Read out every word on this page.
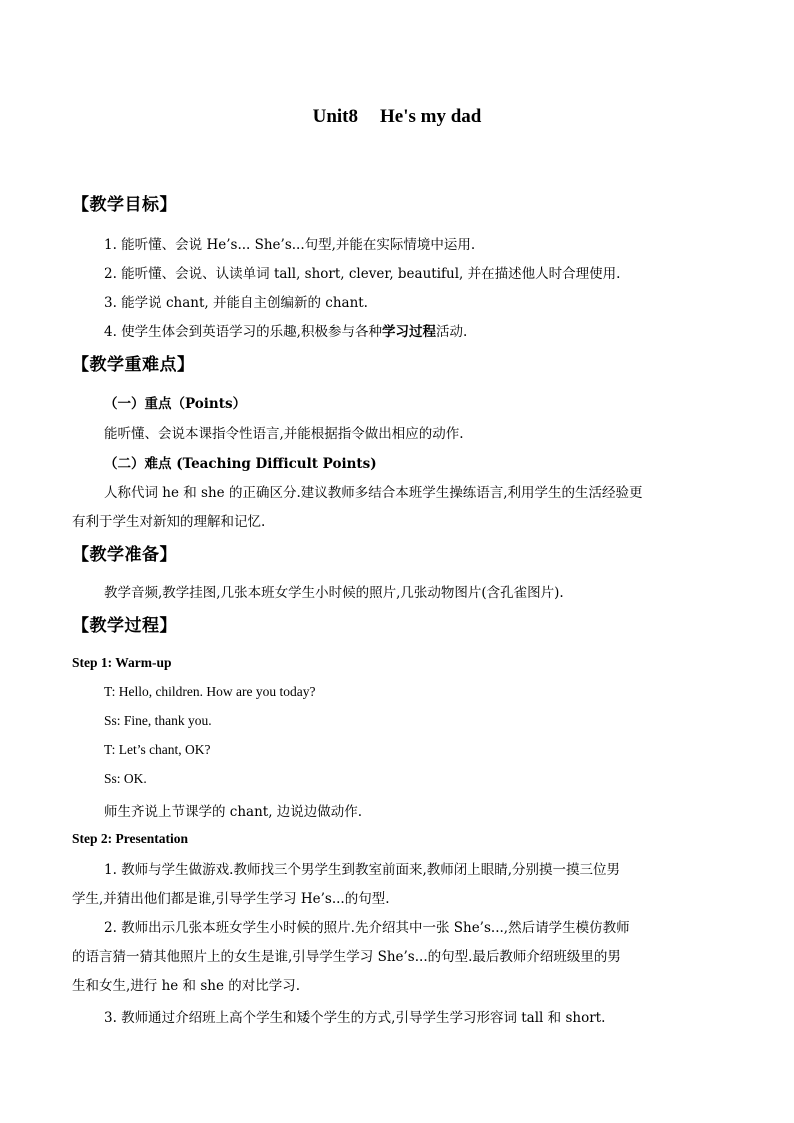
Unit8 He's my dad
【教学目标】
1. 能听懂、会说 He’s... She’s...句型,并能在实际情境中运用.
2. 能听懂、会说、认读单词 tall, short, clever, beautiful, 并在描述他人时合理使用.
3. 能学说 chant, 并能自主创编新的 chant.
4. 使学生体会到英语学习的乐趣,积极参与各种学习过程活动.
【教学重难点】
（一）重点（Points）
能听懂、会说本课指令性语言,并能根据指令做出相应的动作.
（二）难点 (Teaching Difficult Points)
人称代词 he 和 she 的正确区分.建议教师多结合本班学生操练语言,利用学生的生活经验更
有利于学生对新知的理解和记忆.
【教学准备】
教学音频,教学挂图,几张本班女学生小时候的照片,几张动物图片(含孔雀图片).
【教学过程】
Step 1: Warm-up
T: Hello, children. How are you today?
Ss: Fine, thank you.
T: Let’s chant, OK?
Ss: OK.
师生齐说上节课学的 chant, 边说边做动作.
Step 2: Presentation
1. 教师与学生做游戏.教师找三个男学生到教室前面来,教师闭上眼睛,分别摸一摸三位男
学生,并猜出他们都是谁,引导学生学习 He’s...的句型.
2. 教师出示几张本班女学生小时候的照片.先介绍其中一张 She’s...,然后请学生模仿教师
的语言猜一猜其他照片上的女生是谁,引导学生学习 She’s...的句型.最后教师介绍班级里的男
生和女生,进行 he 和 she 的对比学习.
3. 教师通过介绍班上高个学生和矮个学生的方式,引导学生学习形容词 tall 和 short.
